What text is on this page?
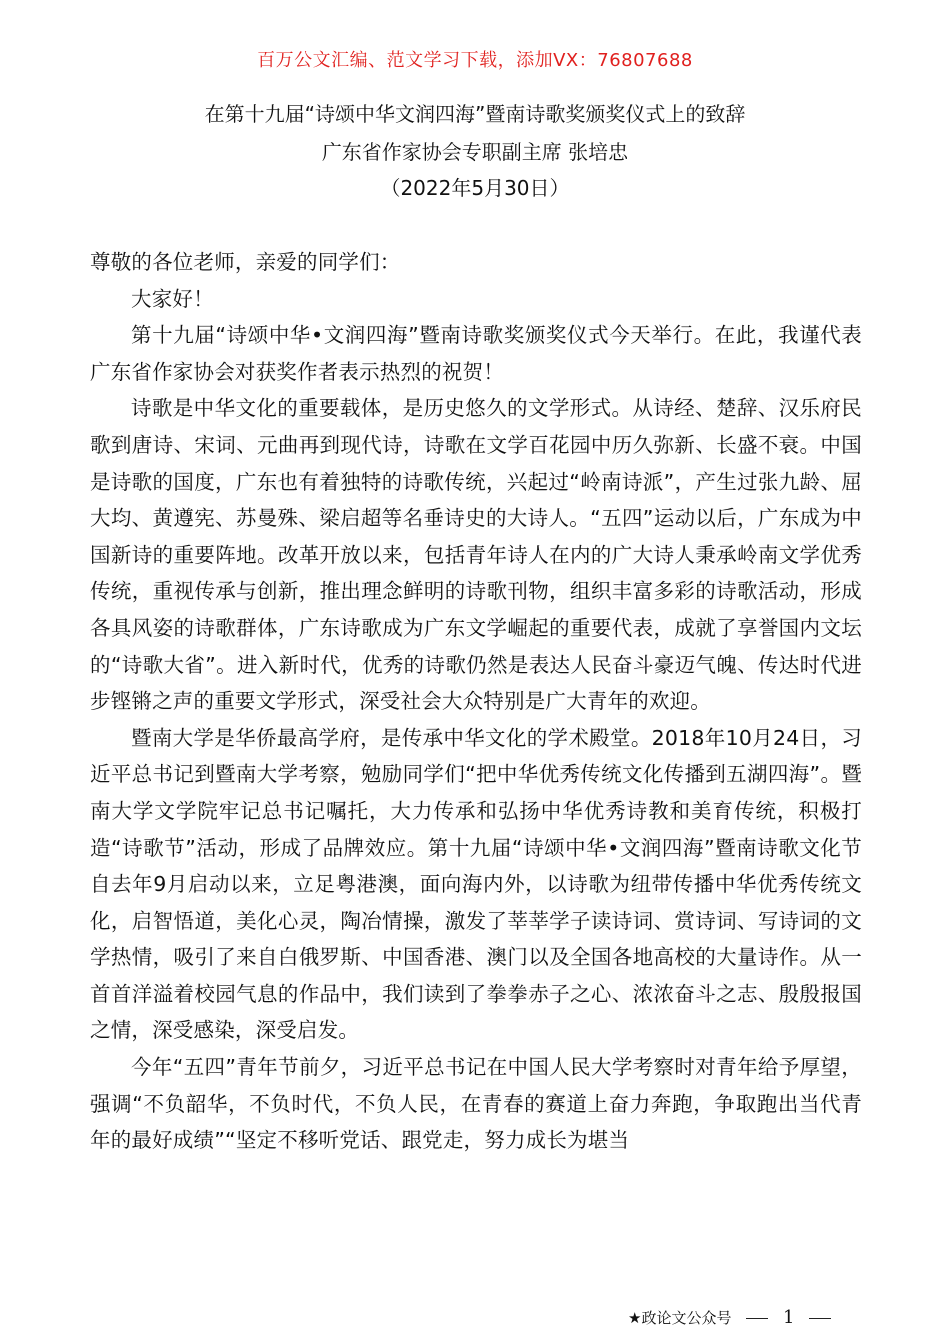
百万公文汇编、范文学习下载，添加VX：76807688
在第十九届“诗颂中华文润四海”暨南诗歌奖颁奖仪式上的致辞
广东省作家协会专职副主席 张培忠
（2022年5月30日）

尊敬的各位老师，亲爱的同学们：

大家好！

第十九届“诗颂中华•文润四海”暨南诗歌奖颁奖仪式今天举行。在此，我谨代表广东省作家协会对获奖作者表示热烈的祝贺！

诗歌是中华文化的重要载体，是历史悠久的文学形式。从诗经、楚辞、汉乐府民歌到唐诗、宋词、元曲再到现代诗，诗歌在文学百花园中历久弥新、长盛不衰。中国是诗歌的国度，广东也有着独特的诗歌传统，兴起过“岭南诗派”，产生过张九龄、屈大均、黄遵宪、苏曼殊、梁启超等名垂诗史的大诗人。“五四”运动以后，广东成为中国新诗的重要阵地。改革开放以来，包括青年诗人在内的广大诗人秉承岭南文学优秀传统，重视传承与创新，推出理念鲜明的诗歌刊物，组织丰富多彩的诗歌活动，形成各具风姿的诗歌群体，广东诗歌成为广东文学崛起的重要代表，成就了享誉国内文坛的“诗歌大省”。进入新时代，优秀的诗歌仍然是表达人民奋斗豪迈气魄、传达时代进步铿锵之声的重要文学形式，深受社会大众特别是广大青年的欢迎。

暨南大学是华侨最高学府，是传承中华文化的学术殿堂。2018年10月24日，习近平总书记到暨南大学考察，勉励同学们“把中华优秀传统文化传播到五湖四海”。暨南大学文学院牢记总书记嘱托，大力传承和弘扬中华优秀诗教和美育传统，积极打造“诗歌节”活动，形成了品牌效应。第十九届“诗颂中华•文润四海”暨南诗歌文化节自去年9月启动以来，立足粤港澳，面向海内外，以诗歌为纽带传播中华优秀传统文化，启智悟道，美化心灵，陶冶情操，激发了莘莘学子读诗词、赏诗词、写诗词的文学热情，吸引了来自白俄罗斯、中国香港、澳门以及全国各地高校的大量诗作。从一首首洋溢着校园气息的作品中，我们读到了拳拳赤子之心、浓浓奋斗之志、殷殷报国之情，深受感染，深受启发。

今年“五四”青年节前夕，习近平总书记在中国人民大学考察时对青年给予厚望，强调“不负韶华，不负时代，不负人民，在青春的赛道上奋力奔跑，争取跑出当代青年的最好成绩”“坚定不移听党话、跟党走，努力成长为堪当

★政论文公众号	1
